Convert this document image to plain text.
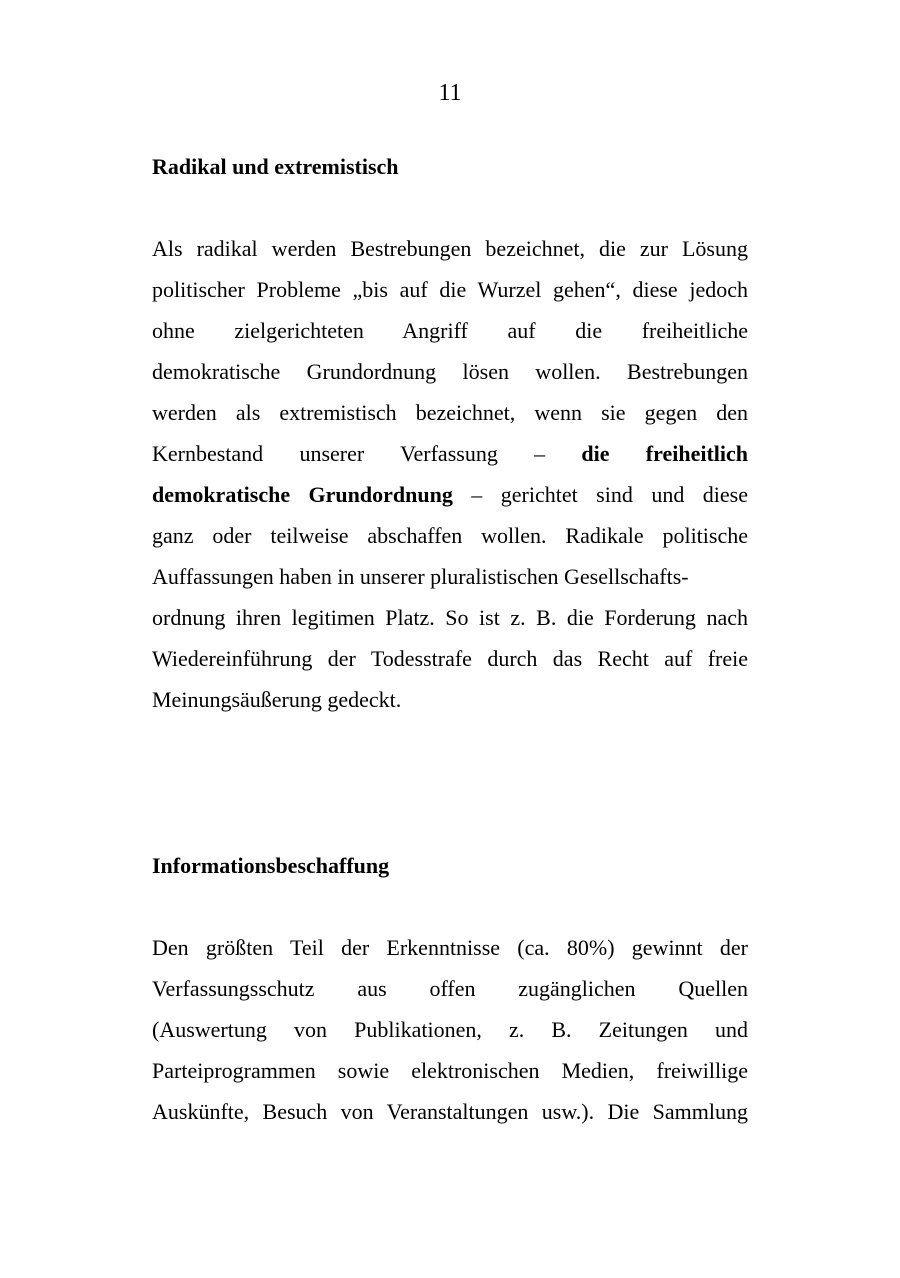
11
Radikal und extremistisch
Als radikal werden Bestrebungen bezeichnet, die zur Lösung
politischer Probleme „bis auf die Wurzel gehen“, diese jedoch
ohne zielgerichteten Angriff auf die freiheitliche
demokratische Grundordnung lösen wollen. Bestrebungen
werden als extremistisch bezeichnet, wenn sie gegen den
Kernbestand unserer Verfassung – die freiheitlich
demokratische Grundordnung – gerichtet sind und diese
ganz oder teilweise abschaffen wollen. Radikale politische
Auffassungen haben in unserer pluralistischen Gesellschafts-
ordnung ihren legitimen Platz. So ist z. B. die Forderung nach
Wiedereinführung der Todesstrafe durch das Recht auf freie
Meinungsäußerung gedeckt.
Informationsbeschaffung
Den größten Teil der Erkenntnisse (ca. 80%) gewinnt der
Verfassungsschutz aus offen zugänglichen Quellen
(Auswertung von Publikationen, z. B. Zeitungen und
Parteiprogrammen sowie elektronischen Medien, freiwillige
Auskünfte, Besuch von Veranstaltungen usw.). Die Sammlung
